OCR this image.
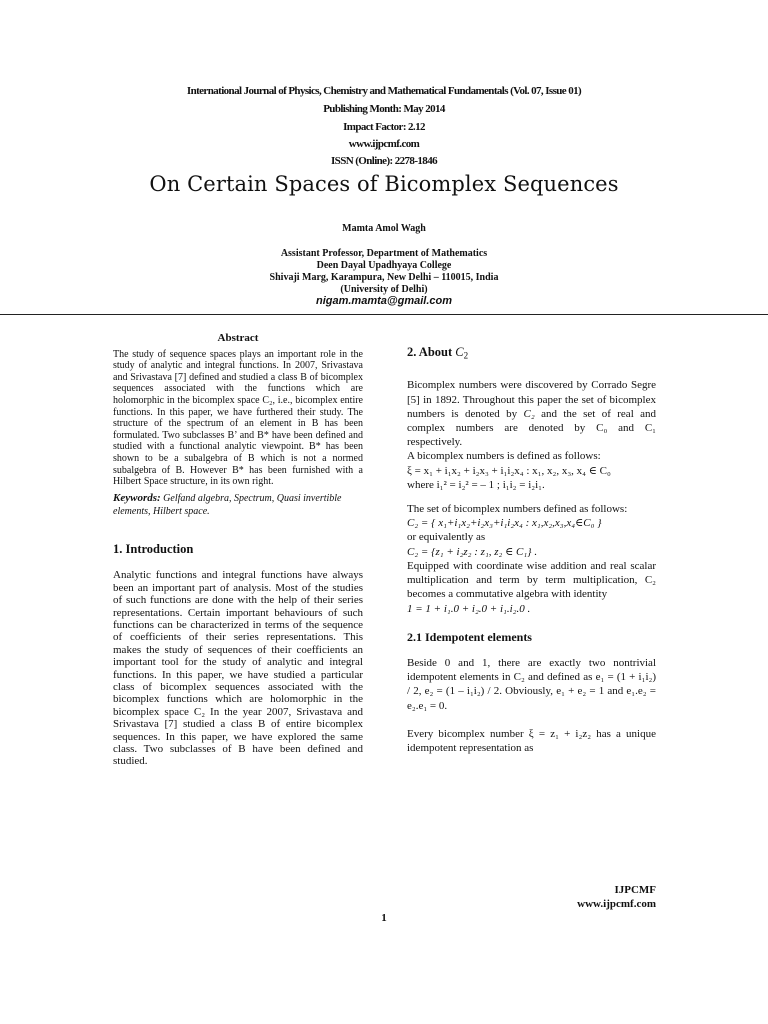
International Journal of Physics, Chemistry and Mathematical Fundamentals (Vol. 07, Issue 01)
Publishing Month: May 2014
Impact Factor: 2.12
www.ijpcmf.com
ISSN (Online): 2278-1846
On Certain Spaces of Bicomplex Sequences
Mamta Amol Wagh
Assistant Professor, Department of Mathematics
Deen Dayal Upadhyaya College
Shivaji Marg, Karampura, New Delhi – 110015, India
(University of Delhi)
nigam.mamta@gmail.com
Abstract

The study of sequence spaces plays an important role in the study of analytic and integral functions. In 2007, Srivastava and Srivastava [7] defined and studied a class B of bicomplex sequences associated with the functions which are holomorphic in the bicomplex space C₂, i.e., bicomplex entire functions. In this paper, we have furthered their study. The structure of the spectrum of an element in B has been formulated. Two subclasses B’ and B* have been defined and studied with a functional analytic viewpoint. B* has been shown to be a subalgebra of B which is not a normed subalgebra of B. However B* has been furnished with a Hilbert Space structure, in its own right.

Keywords: Gelfand algebra, Spectrum, Quasi invertible elements, Hilbert space.

1. Introduction

Analytic functions and integral functions have always been an important part of analysis. Most of the studies of such functions are done with the help of their series representations. Certain important behaviours of such functions can be characterized in terms of the sequence of coefficients of their series representations. This makes the study of sequences of their coefficients an important tool for the study of analytic and integral functions. In this paper, we have studied a particular class of bicomplex sequences associated with the bicomplex functions which are holomorphic in the bicomplex space C₂ In the year 2007, Srivastava and Srivastava [7] studied a class B of entire bicomplex sequences. In this paper, we have explored the same class. Two subclasses of B have been defined and studied.

2. About $C_2$

Bicomplex numbers were discovered by Corrado Segre [5] in 1892. Throughout this paper the set of bicomplex numbers is denoted by C₂ and the set of real and complex numbers are denoted by C₀ and C₁ respectively.

A bicomplex numbers is defined as follows:

ξ = x₁ + i₁x₂ + i₂x₃ + i₁i₂x₄ : x₁, x₂, x₃, x₄ ∈ C₀

where i₁² = i₂² = – 1 ; i₁i₂ = i₂i₁.

The set of bicomplex numbers defined as follows:

C₂ = { x₁+i₁x₂+i₂x₃+i₁i₂x₄ : x₁,x₂,x₃,x₄∈C₀ }

or equivalently as

C₂ = {z₁ + i₂z₂ : z₁, z₂ ∈ C₁} .

Equipped with coordinate wise addition and real scalar multiplication and term by term multiplication, C₂ becomes a commutative algebra with identity

1 = 1 + i₁.0 + i₂.0 + i₁.i₂.0 .

2.1 Idempotent elements

Beside 0 and 1, there are exactly two nontrivial idempotent elements in C₂ and defined as e₁ = (1 + i₁i₂) / 2, e₂ = (1 – i₁i₂) / 2. Obviously, e₁ + e₂ = 1 and e₁.e₂ = e₂.e₁ = 0.

Every bicomplex number ξ = z₁ + i₂z₂ has a unique idempotent representation as

IJPCMF
www.ijpcmf.com
1
